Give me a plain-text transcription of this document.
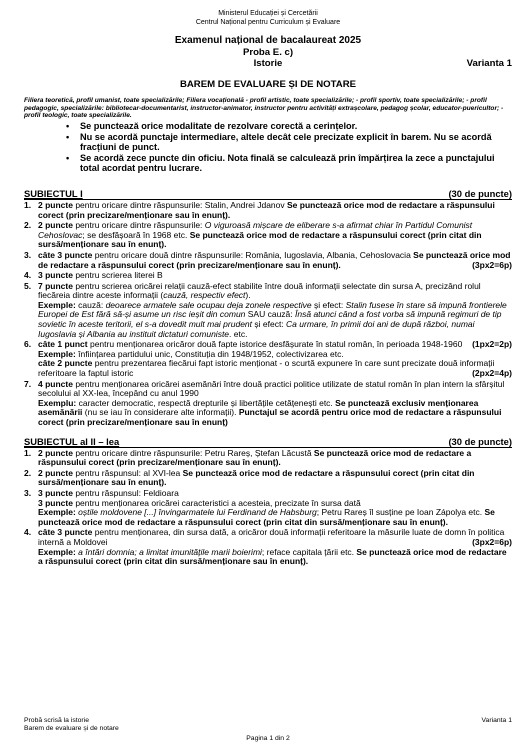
Ministerul Educației și Cercetării
Centrul Național pentru Curriculum și Evaluare
Examenul național de bacalaureat 2025
Proba E. c)
Istorie	Varianta 1
BAREM DE EVALUARE ȘI DE NOTARE
Filiera teoretică, profil umanist, toate specializările; Filiera vocațională - profil artistic, toate specializările; - profil sportiv, toate specializările; - profil pedagogic, specializările: bibliotecar-documentarist, instructor-animator, instructor pentru activități extrașcolare, pedagog școlar, educator-puericultor; - profil teologic, toate specializările.
• Se punctează orice modalitate de rezolvare corectă a cerințelor.
• Nu se acordă punctaje intermediare, altele decât cele precizate explicit în barem. Nu se acordă fracțiuni de punct.
• Se acordă zece puncte din oficiu. Nota finală se calculează prin împărțirea la zece a punctajului total acordat pentru lucrare.
SUBIECTUL I	(30 de puncte)
1. 2 puncte pentru oricare dintre răspunsurile: Stalin, Andrei Jdanov Se punctează orice mod de redactare a răspunsului corect (prin precizare/menționare sau în enunț).
2. 2 puncte pentru oricare dintre răspunsurile: O viguroasă mișcare de eliberare s-a afirmat chiar în Partidul Comunist Cehoslovac; se desfășoară în 1968 etc. Se punctează orice mod de redactare a răspunsului corect (prin citat din sursă/menționare sau în enunț).
3. câte 3 puncte pentru oricare două dintre răspunsurile: România, Iugoslavia, Albania, Cehoslovacia Se punctează orice mod de redactare a răspunsului corect (prin precizare/menționare sau în enunț).	(3px2=6p)
4. 3 puncte pentru scrierea literei B
5. 7 puncte pentru scrierea oricărei relații cauză-efect stabilite între două informații selectate din sursa A, precizând rolul fiecăreia dintre aceste informații (cauză, respectiv efect).
Exemple: cauză: deoarece armatele sale ocupau deja zonele respective și efect: Stalin fusese în stare să impună frontierele Europei de Est fără să-și asume un risc ieșit din comun SAU cauză: Însă atunci când a fost vorba să impună regimuri de tip sovietic în aceste teritorii, el s-a dovedit mult mai prudent și efect: Ca urmare, în primii doi ani de după război, numai Iugoslavia și Albania au instituit dictaturi comuniste. etc.
6. câte 1 punct pentru menționarea oricăror două fapte istorice desfășurate în statul român, în perioada 1948-1960 (1px2=2p)
Exemple: înființarea partidului unic, Constituția din 1948/1952, colectivizarea etc.
câte 2 puncte pentru prezentarea fiecărui fapt istoric menționat - o scurtă expunere în care sunt precizate două informații referitoare la faptul istoric	(2px2=4p)
7. 4 puncte pentru menționarea oricărei asemănări între două practici politice utilizate de statul român în plan intern la sfârșitul secolului al XX-lea, începând cu anul 1990
Exemplu: caracter democratic, respectă drepturile și libertățile cetățenești etc. Se punctează exclusiv menționarea asemănării (nu se iau în considerare alte informații). Punctajul se acordă pentru orice mod de redactare a răspunsului corect (prin precizare/menționare sau în enunț)
SUBIECTUL al II – lea	(30 de puncte)
1. 2 puncte pentru oricare dintre răspunsurile: Petru Rareș, Ștefan Lăcustă Se punctează orice mod de redactare a răspunsului corect (prin precizare/menționare sau în enunț).
2. 2 puncte pentru răspunsul: al XVI-lea Se punctează orice mod de redactare a răspunsului corect (prin citat din sursă/menționare sau în enunț).
3. 3 puncte pentru răspunsul: Feldioara
3 puncte pentru menționarea oricărei caracteristici a acesteia, precizate în sursa dată
Exemple: oștile moldovene [...] învingarmatele lui Ferdinand de Habsburg; Petru Rareș îl susține pe Ioan Zápolya etc. Se punctează orice mod de redactare a răspunsului corect (prin citat din sursă/menționare sau în enunț).
4. câte 3 puncte pentru menționarea, din sursa dată, a oricăror două informații referitoare la măsurile luate de domn în politica internă a Moldovei	(3px2=6p)
Exemple: a întări domnia; a limitat imunitățile marii boierimi; reface capitala țării etc. Se punctează orice mod de redactare a răspunsului corect (prin citat din sursă/menționare sau în enunț).
Probă scrisă la istorie
Barem de evaluare și de notare
Varianta 1
Pagina 1 din 2
